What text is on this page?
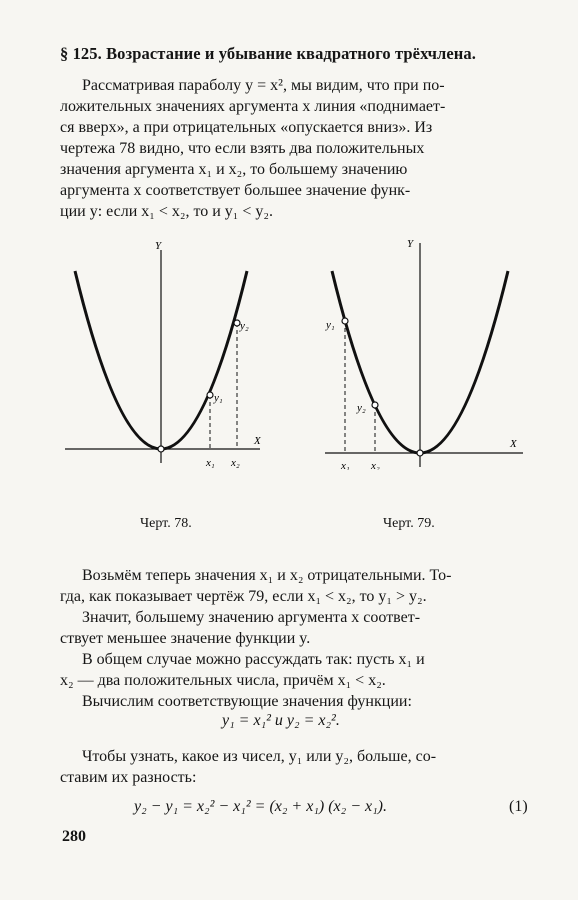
§ 125. Возрастание и убывание квадратного трёхчлена.
Рассматривая параболу y = x², мы видим, что при по-
ложительных значениях аргумента x линия «поднимает-
ся вверх», а при отрицательных «опускается вниз». Из
чертежа 78 видно, что если взять два положительных
значения аргумента x₁ и x₂, то большему значению
аргумента x соответствует большее значение функ-
ции y: если x₁ < x₂, то и y₁ < y₂.
Y
X
x₁ x₂
y₁
y₂
Черт. 78.
Y
X
x₁ x₂
y₁
y₂
Черт. 79.
Возьмём теперь значения x₁ и x₂ отрицательными. То-
гда, как показывает чертёж 79, если x₁ < x₂, то y₁ > y₂.
Значит, большему значению аргумента x соответ-
ствует меньшее значение функции y.
В общем случае можно рассуждать так: пусть x₁ и
x₂ — два положительных числа, причём x₁ < x₂.
Вычислим соответствующие значения функции:
y₁ = x₁² и y₂ = x₂².
Чтобы узнать, какое из чисел, y₁ или y₂, больше, со-
ставим их разность:
y₂ − y₁ = x₂² − x₁² = (x₂ + x₁) (x₂ − x₁).	(1)
280
